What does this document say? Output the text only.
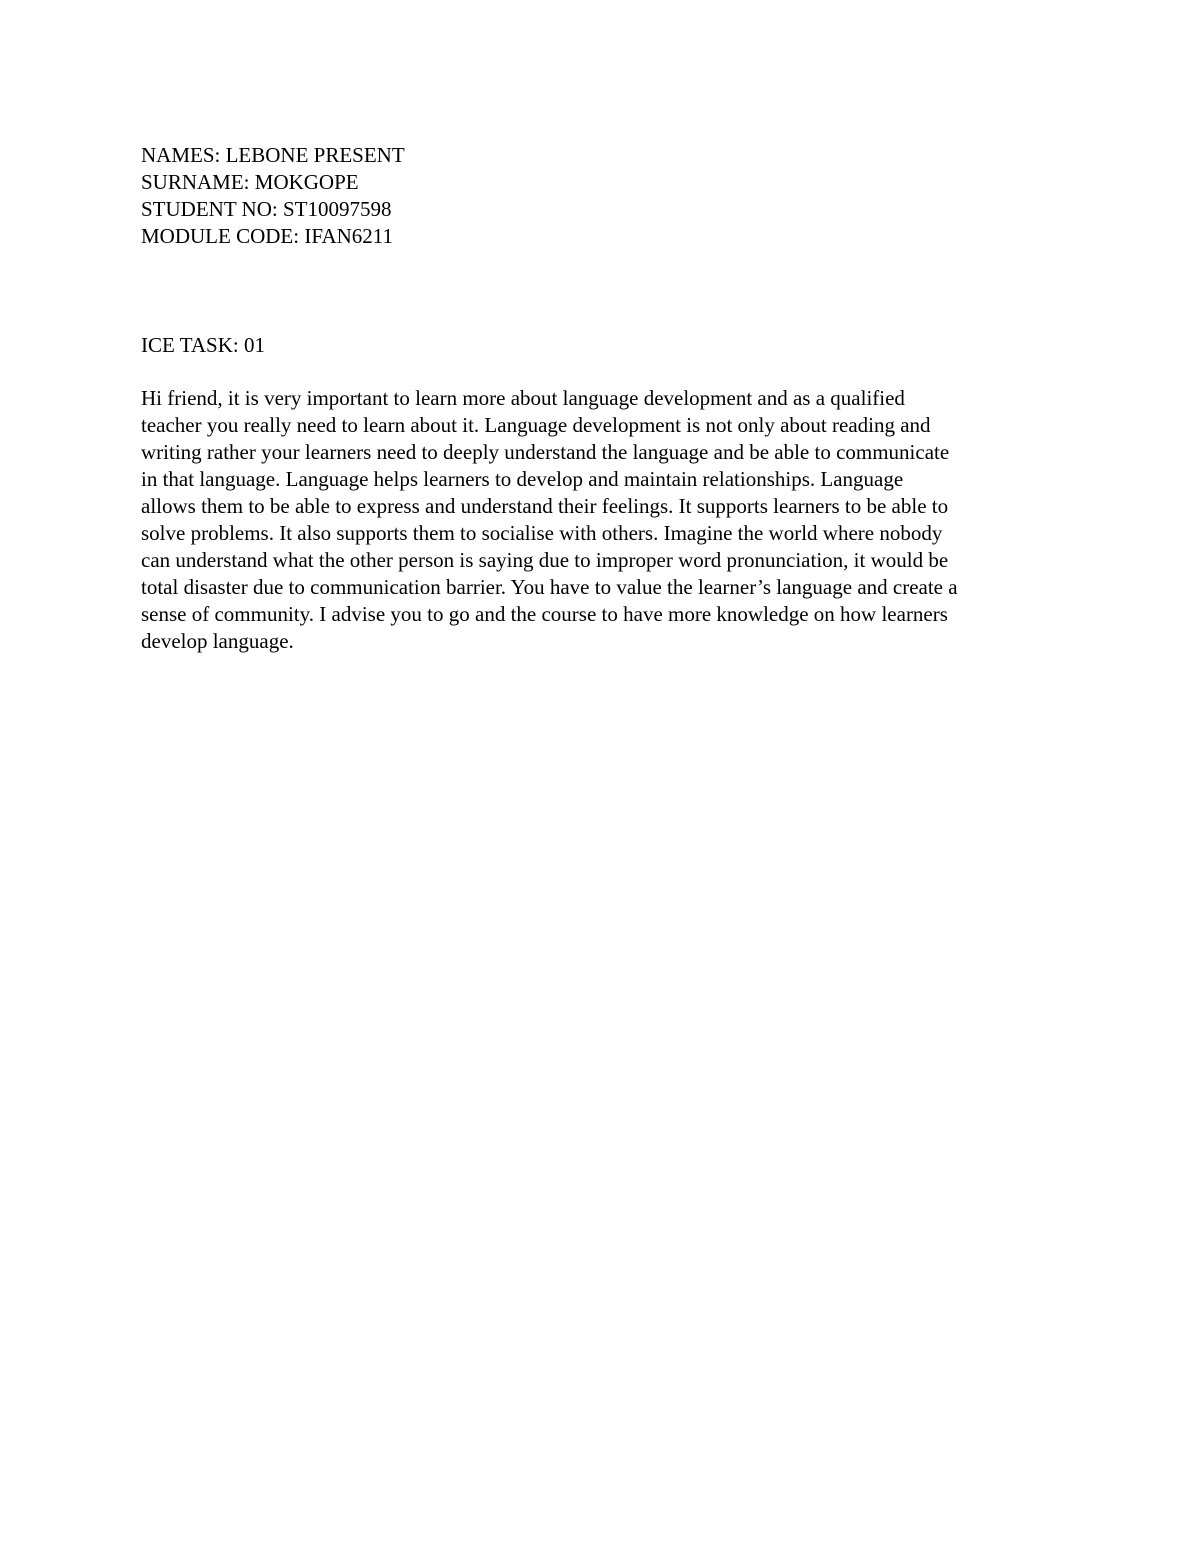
NAMES: LEBONE PRESENT
SURNAME: MOKGOPE
STUDENT NO: ST10097598
MODULE CODE: IFAN6211
ICE TASK: 01
Hi friend, it is very important to learn more about language development and as a qualified
teacher you really need to learn about it. Language development is not only about reading and
writing rather your learners need to deeply understand the language and be able to communicate
in that language. Language helps learners to develop and maintain relationships. Language
allows them to be able to express and understand their feelings. It supports learners to be able to
solve problems. It also supports them to socialise with others. Imagine the world where nobody
can understand what the other person is saying due to improper word pronunciation, it would be
total disaster due to communication barrier. You have to value the learner’s language and create a
sense of community. I advise you to go and the course to have more knowledge on how learners
develop language.
